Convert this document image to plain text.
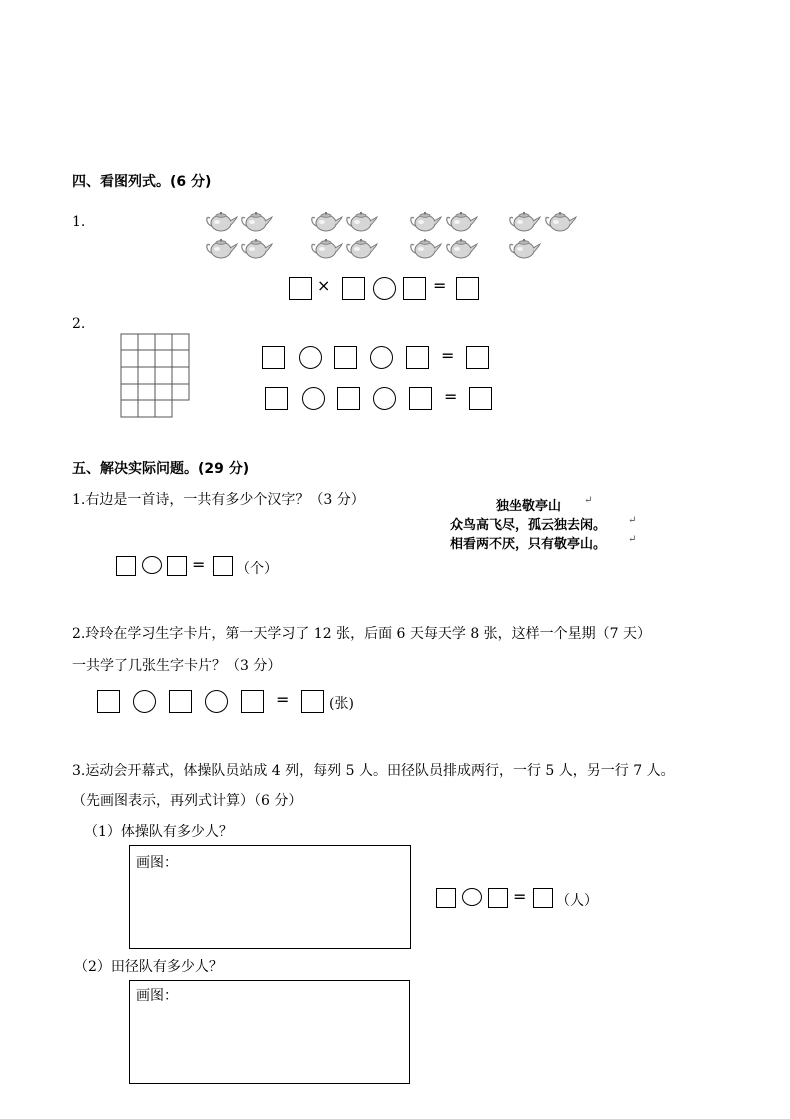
四、看图列式。(6 分)
1.
×	=
2.
=
=
五、解决实际问题。(29 分)
1.右边是一首诗，一共有多少个汉字？（3 分）	独坐敬亭山 ↵
众鸟高飞尽，孤云独去闲。 ↵
相看两不厌，只有敬亭山。 ↵
= （个）
2.玲玲在学习生字卡片，第一天学习了 12 张，后面 6 天每天学 8 张，这样一个星期（7 天）
一共学了几张生字卡片？（3 分）
=	(张)
3.运动会开幕式，体操队员站成 4 列，每列 5 人。田径队员排成两行，一行 5 人，另一行 7 人。
（先画图表示，再列式计算）（6 分）
（1）体操队有多少人？
画图：
= （人）
（2）田径队有多少人？
画图：
